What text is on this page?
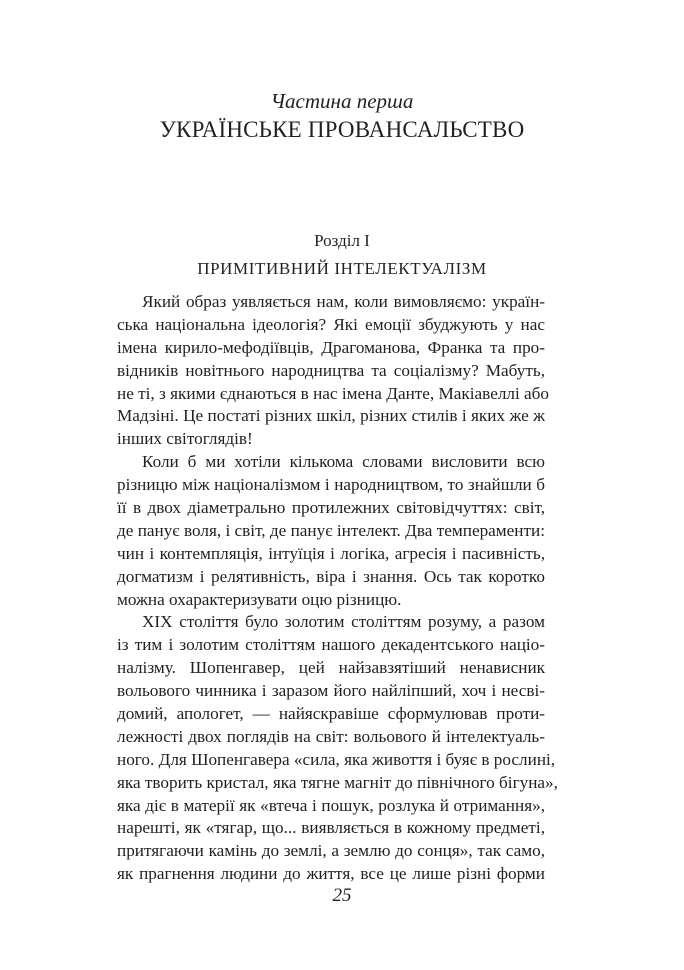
Частина перша
УКРАЇНСЬКЕ ПРОВАНСАЛЬСТВО
Розділ I
ПРИМІТИВНИЙ ІНТЕЛЕКТУАЛІЗМ
Який образ уявляється нам, коли вимовляємо: україн-
ська національна ідеологія? Які емоції збуджують у нас
імена кирило-мефодіївців, Драгоманова, Франка та про-
відників новітнього народництва та соціалізму? Мабуть,
не ті, з якими єднаються в нас імена Данте, Макіавеллі або
Мадзіні. Це постаті різних шкіл, різних стилів і яких же ж
інших світоглядів!
Коли б ми хотіли кількома словами висловити всю
різницю між націоналізмом і народництвом, то знайшли б
її в двох діаметрально протилежних світовідчуттях: світ,
де панує воля, і світ, де панує інтелект. Два темпераменти:
чин і контемпляція, інтуїція і логіка, агресія і пасивність,
догматизм і релятивність, віра і знання. Ось так коротко
можна охарактеризувати оцю різницю.
XIX століття було золотим століттям розуму, а разом
із тим і золотим століттям нашого декадентського націо-
налізму. Шопенгавер, цей найзавзятіший ненависник
вольового чинника і заразом його найліпший, хоч і несві-
домий, апологет, — найяскравіше сформулював проти-
лежності двох поглядів на світ: вольового й інтелектуаль-
ного. Для Шопенгавера «сила, яка живоття і буяє в рослині,
яка творить кристал, яка тягне магніт до північного бігуна»,
яка діє в матерії як «втеча і пошук, розлука й отримання»,
нарешті, як «тягар, що... виявляється в кожному предметі,
притягаючи камінь до землі, а землю до сонця», так само,
як прагнення людини до життя, все це лише різні форми
25
